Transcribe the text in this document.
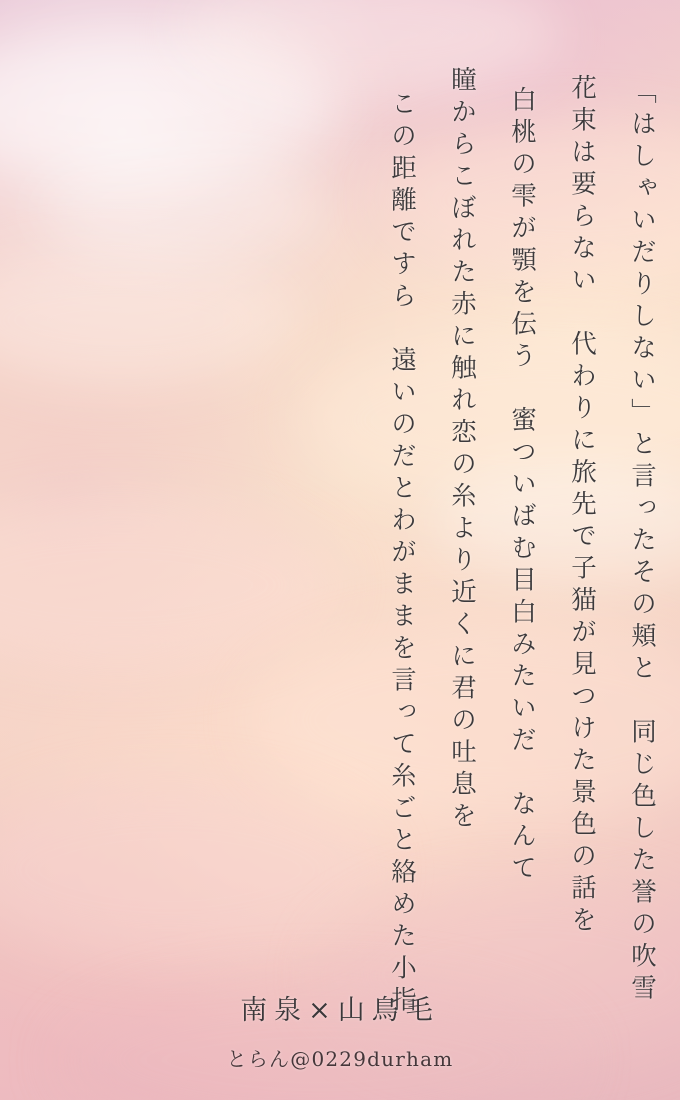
「はしゃいだりしない」と言ったその頬と　同じ色した誉の吹雪
花束は要らない　代わりに旅先で子猫が見つけた景色の話を
白桃の雫が顎を伝う　蜜ついばむ目白みたいだ　なんて
瞳からこぼれた赤に触れ恋の糸より近くに君の吐息を
この距離ですら　遠いのだとわがままを言って糸ごと絡めた小指
南泉×山鳥毛
とらん@0229durham
